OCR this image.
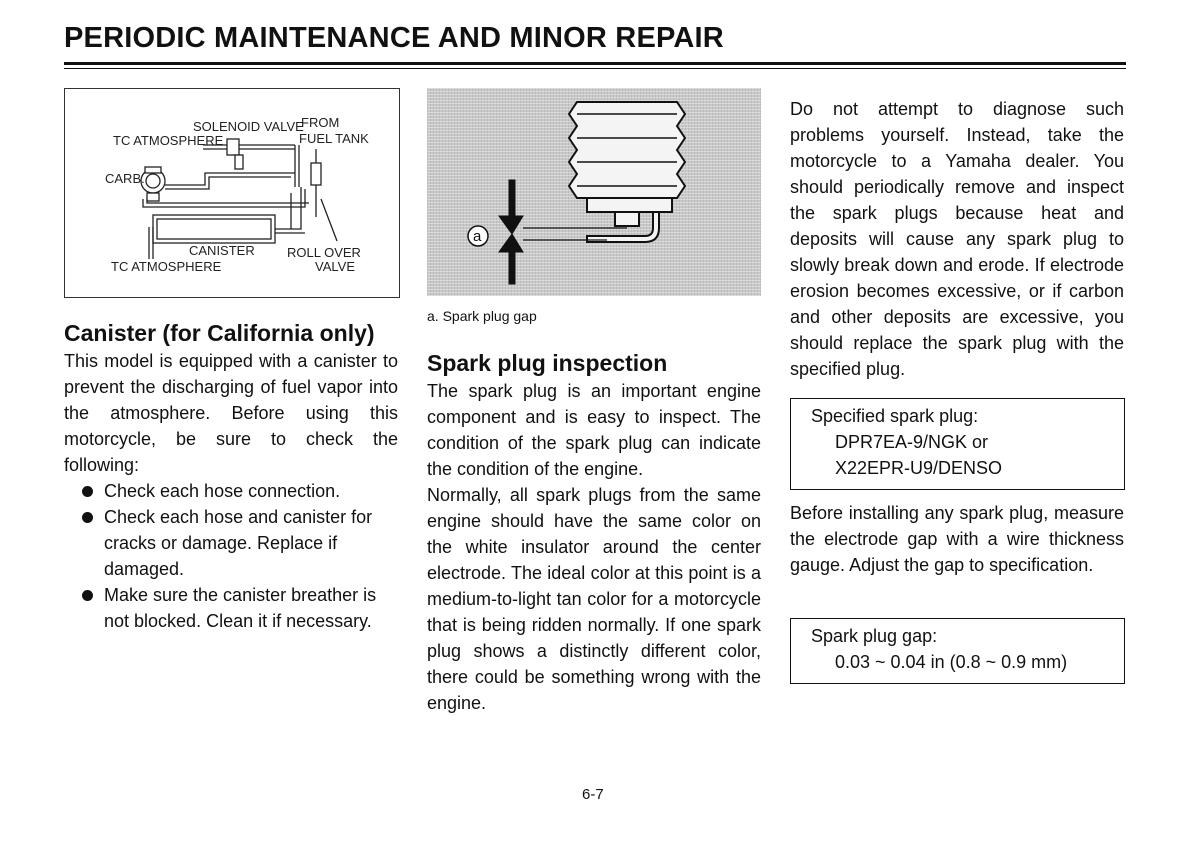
PERIODIC MAINTENANCE AND MINOR REPAIR
SOLENOID VALVE
FROM
TC ATMOSPHERE	FUEL TANK
CARB.
CANISTER ROLL OVER
TC ATMOSPHERE	VALVE
a
a. Spark plug gap
Canister (for California only)

This model is equipped with a canister to prevent the discharging of fuel vapor into the atmosphere. Before using this motorcycle, be sure to check the following:

Check each hose connection.
Check each hose and canister for cracks or damage. Replace if damaged.
Make sure the canister breather is not blocked. Clean it if necessary.
Spark plug inspection

The spark plug is an important engine component and is easy to inspect. The condition of the spark plug can indicate the condition of the engine.

Normally, all spark plugs from the same engine should have the same color on the white insulator around the center electrode. The ideal color at this point is a medium-to-light tan color for a motorcycle that is being ridden normally. If one spark plug shows a distinctly different color, there could be something wrong with the engine.

Do not attempt to diagnose such problems yourself. Instead, take the motorcycle to a Yamaha dealer. You should periodically remove and inspect the spark plugs because heat and deposits will cause any spark plug to slowly break down and erode. If electrode erosion becomes excessive, or if carbon and other deposits are excessive, you should replace the spark plug with the specified plug.

Specified spark plug:
DPR7EA-9/NGK or
X22EPR-U9/DENSO

Before installing any spark plug, measure the electrode gap with a wire thickness gauge. Adjust the gap to specification.

Spark plug gap:
0.03 ~ 0.04 in (0.8 ~ 0.9 mm)
6-7
